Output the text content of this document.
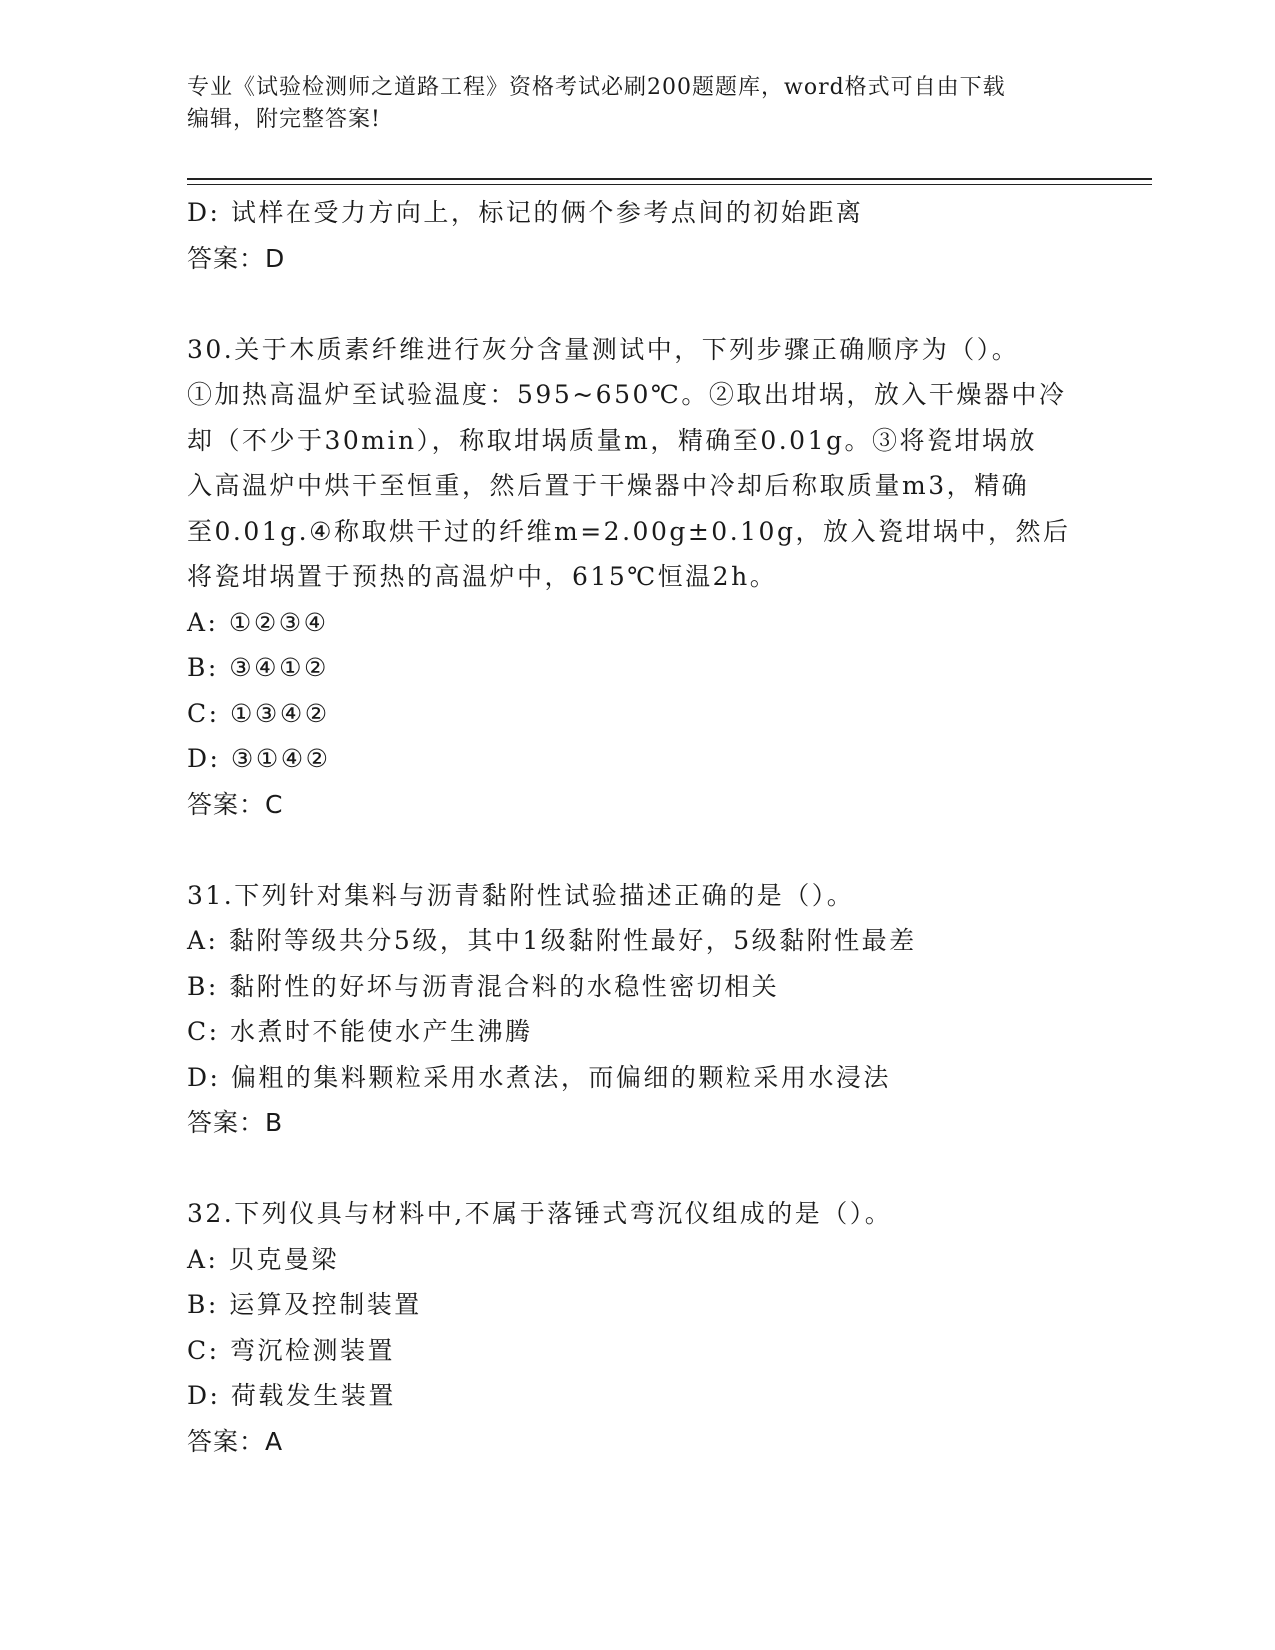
专业《试验检测师之道路工程》资格考试必刷200题题库，word格式可自由下载
编辑，附完整答案!
D: 试样在受力方向上，标记的俩个参考点间的初始距离
答案：D
30.关于木质素纤维进行灰分含量测试中，下列步骤正确顺序为（）。
①加热高温炉至试验温度：595~650℃。②取出坩埚，放入干燥器中冷
却（不少于30min），称取坩埚质量m，精确至0.01g。③将瓷坩埚放
入高温炉中烘干至恒重，然后置于干燥器中冷却后称取质量m3，精确
至0.01g.④称取烘干过的纤维m=2.00g±0.10g，放入瓷坩埚中，然后
将瓷坩埚置于预热的高温炉中，615℃恒温2h。
A: ①②③④
B: ③④①②
C: ①③④②
D: ③①④②
答案：C
31.下列针对集料与沥青黏附性试验描述正确的是（）。
A: 黏附等级共分5级，其中1级黏附性最好，5级黏附性最差
B: 黏附性的好坏与沥青混合料的水稳性密切相关
C: 水煮时不能使水产生沸腾
D: 偏粗的集料颗粒采用水煮法，而偏细的颗粒采用水浸法
答案：B
32.下列仪具与材料中,不属于落锤式弯沉仪组成的是（）。
A: 贝克曼梁
B: 运算及控制装置
C: 弯沉检测装置
D: 荷载发生装置
答案：A
